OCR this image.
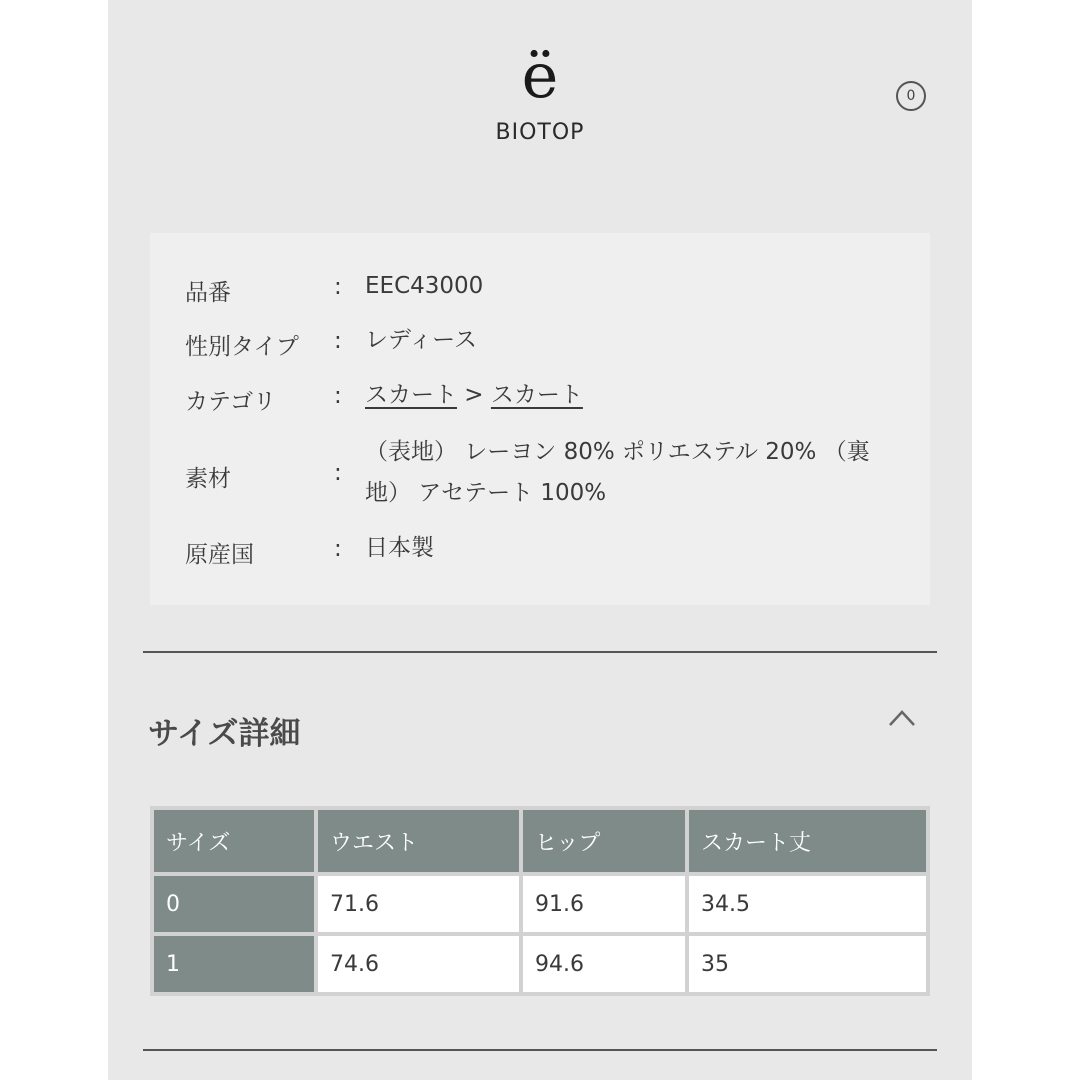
ë
BIOTOP
0
品番	: EEC43000
性別タイプ : レディース
カテゴリ	: スカート > スカート
素材	:
（表地） レーヨン 80% ポリエステル 20% （裏地） アセテート 100%
原産国	: 日本製
サイズ詳細
サイズ	ウエスト	ヒップ	スカート丈
0	71.6	91.6	34.5
1	74.6	94.6	35
